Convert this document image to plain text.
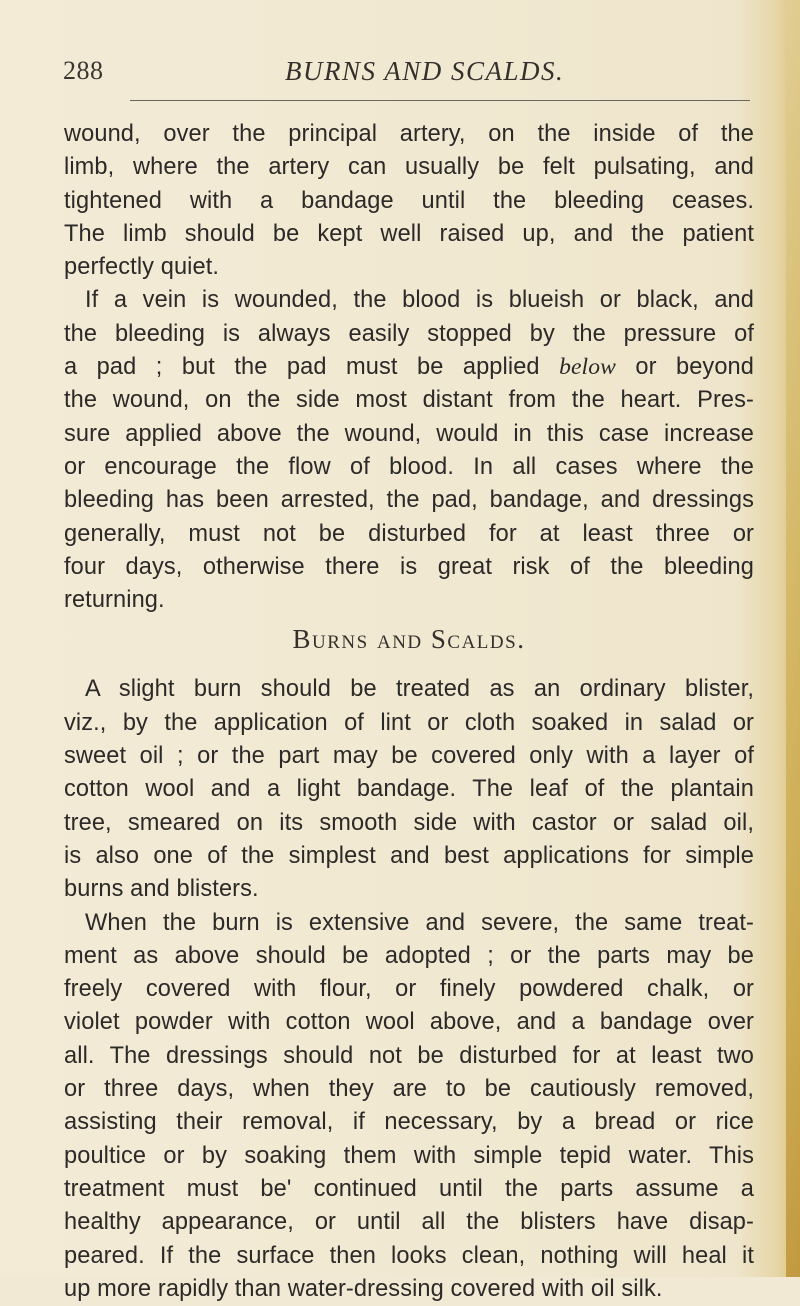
288	BURNS AND SCALDS.
wound, over the principal artery, on the inside of the
limb, where the artery can usually be felt pulsating, and
tightened with a bandage until the bleeding ceases.
The limb should be kept well raised up, and the patient
perfectly quiet.
If a vein is wounded, the blood is blueish or black, and
the bleeding is always easily stopped by the pressure of
a pad ; but the pad must be applied below or beyond
the wound, on the side most distant from the heart. Pres-
sure applied above the wound, would in this case increase
or encourage the flow of blood. In all cases where the
bleeding has been arrested, the pad, bandage, and dressings
generally, must not be disturbed for at least three or
four days, otherwise there is great risk of the bleeding
returning.
Burns and Scalds.
A slight burn should be treated as an ordinary blister,
viz., by the application of lint or cloth soaked in salad or
sweet oil ; or the part may be covered only with a layer of
cotton wool and a light bandage. The leaf of the plantain
tree, smeared on its smooth side with castor or salad oil,
is also one of the simplest and best applications for simple
burns and blisters.
When the burn is extensive and severe, the same treat-
ment as above should be adopted ; or the parts may be
freely covered with flour, or finely powdered chalk, or
violet powder with cotton wool above, and a bandage over
all. The dressings should not be disturbed for at least two
or three days, when they are to be cautiously removed,
assisting their removal, if necessary, by a bread or rice
poultice or by soaking them with simple tepid water. This
treatment must be' continued until the parts assume a
healthy appearance, or until all the blisters have disap-
peared. If the surface then looks clean, nothing will heal it
up more rapidly than water-dressing covered with oil silk.
